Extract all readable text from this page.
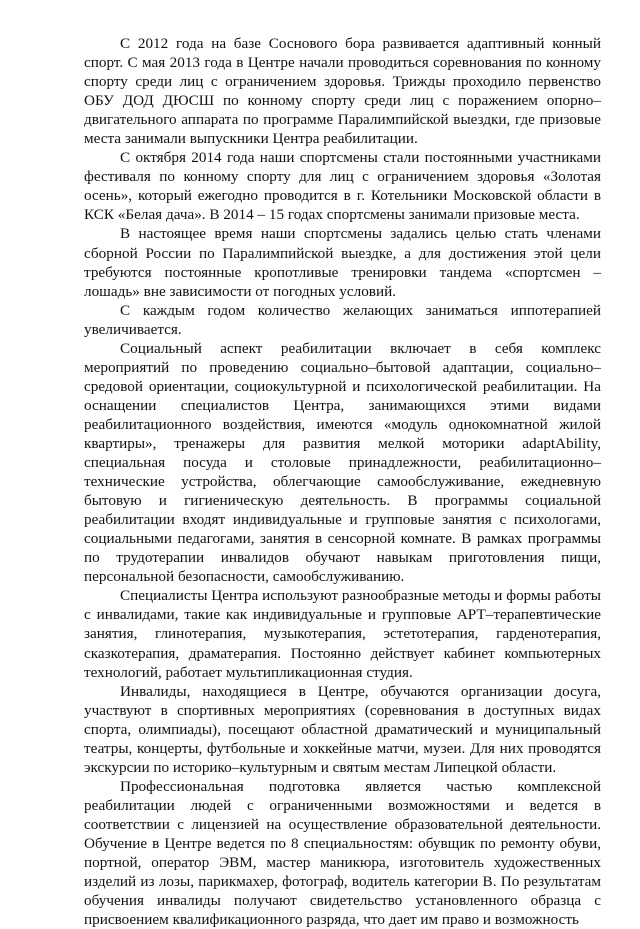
С 2012 года на базе Соснового бора развивается адаптивный конный спорт. С мая 2013 года в Центре начали проводиться соревнования по конному спорту среди лиц с ограничением здоровья. Трижды проходило первенство ОБУ ДОД ДЮСШ по конному спорту среди лиц с поражением опорно–двигательного аппарата по программе Паралимпийской выездки, где призовые места занимали выпускники Центра реабилитации.

С октября 2014 года наши спортсмены стали постоянными участниками фестиваля по конному спорту для лиц с ограничением здоровья «Золотая осень», который ежегодно проводится в г. Котельники Московской области в КСК «Белая дача». В 2014 – 15 годах спортсмены занимали призовые места.

В настоящее время наши спортсмены задались целью стать членами сборной России по Паралимпийской выездке, а для достижения этой цели требуются постоянные кропотливые тренировки тандема «спортсмен – лошадь» вне зависимости от погодных условий.

С каждым годом количество желающих заниматься иппотерапией увеличивается.

Социальный аспект реабилитации включает в себя комплекс мероприятий по проведению социально–бытовой адаптации, социально–средовой ориентации, социокультурной и психологической реабилитации. На оснащении специалистов Центра, занимающихся этими видами реабилитационного воздействия, имеются «модуль однокомнатной жилой квартиры», тренажеры для развития мелкой моторики adaptAbility, специальная посуда и столовые принадлежности, реабилитационно–технические устройства, облегчающие самообслуживание, ежедневную бытовую и гигиеническую деятельность. В программы социальной реабилитации входят индивидуальные и групповые занятия с психологами, социальными педагогами, занятия в сенсорной комнате. В рамках программы по трудотерапии инвалидов обучают навыкам приготовления пищи, персональной безопасности, самообслуживанию.

Специалисты Центра используют разнообразные методы и формы работы с инвалидами, такие как индивидуальные и групповые АРТ–терапевтические занятия, глинотерапия, музыкотерапия, эстетотерапия, гарденотерапия, сказкотерапия, драматерапия. Постоянно действует кабинет компьютерных технологий, работает мультипликационная студия.

Инвалиды, находящиеся в Центре, обучаются организации досуга, участвуют в спортивных мероприятиях (соревнования в доступных видах спорта, олимпиады), посещают областной драматический и муниципальный театры, концерты, футбольные и хоккейные матчи, музеи. Для них проводятся экскурсии по историко–культурным и святым местам Липецкой области.

Профессиональная подготовка является частью комплексной реабилитации людей с ограниченными возможностями и ведется в соответствии с лицензией на осуществление образовательной деятельности. Обучение в Центре ведется по 8 специальностям: обувщик по ремонту обуви, портной, оператор ЭВМ, мастер маникюра, изготовитель художественных изделий из лозы, парикмахер, фотограф, водитель категории В. По результатам обучения инвалиды получают свидетельство установленного образца с присвоением квалификационного разряда, что дает им право и возможность
